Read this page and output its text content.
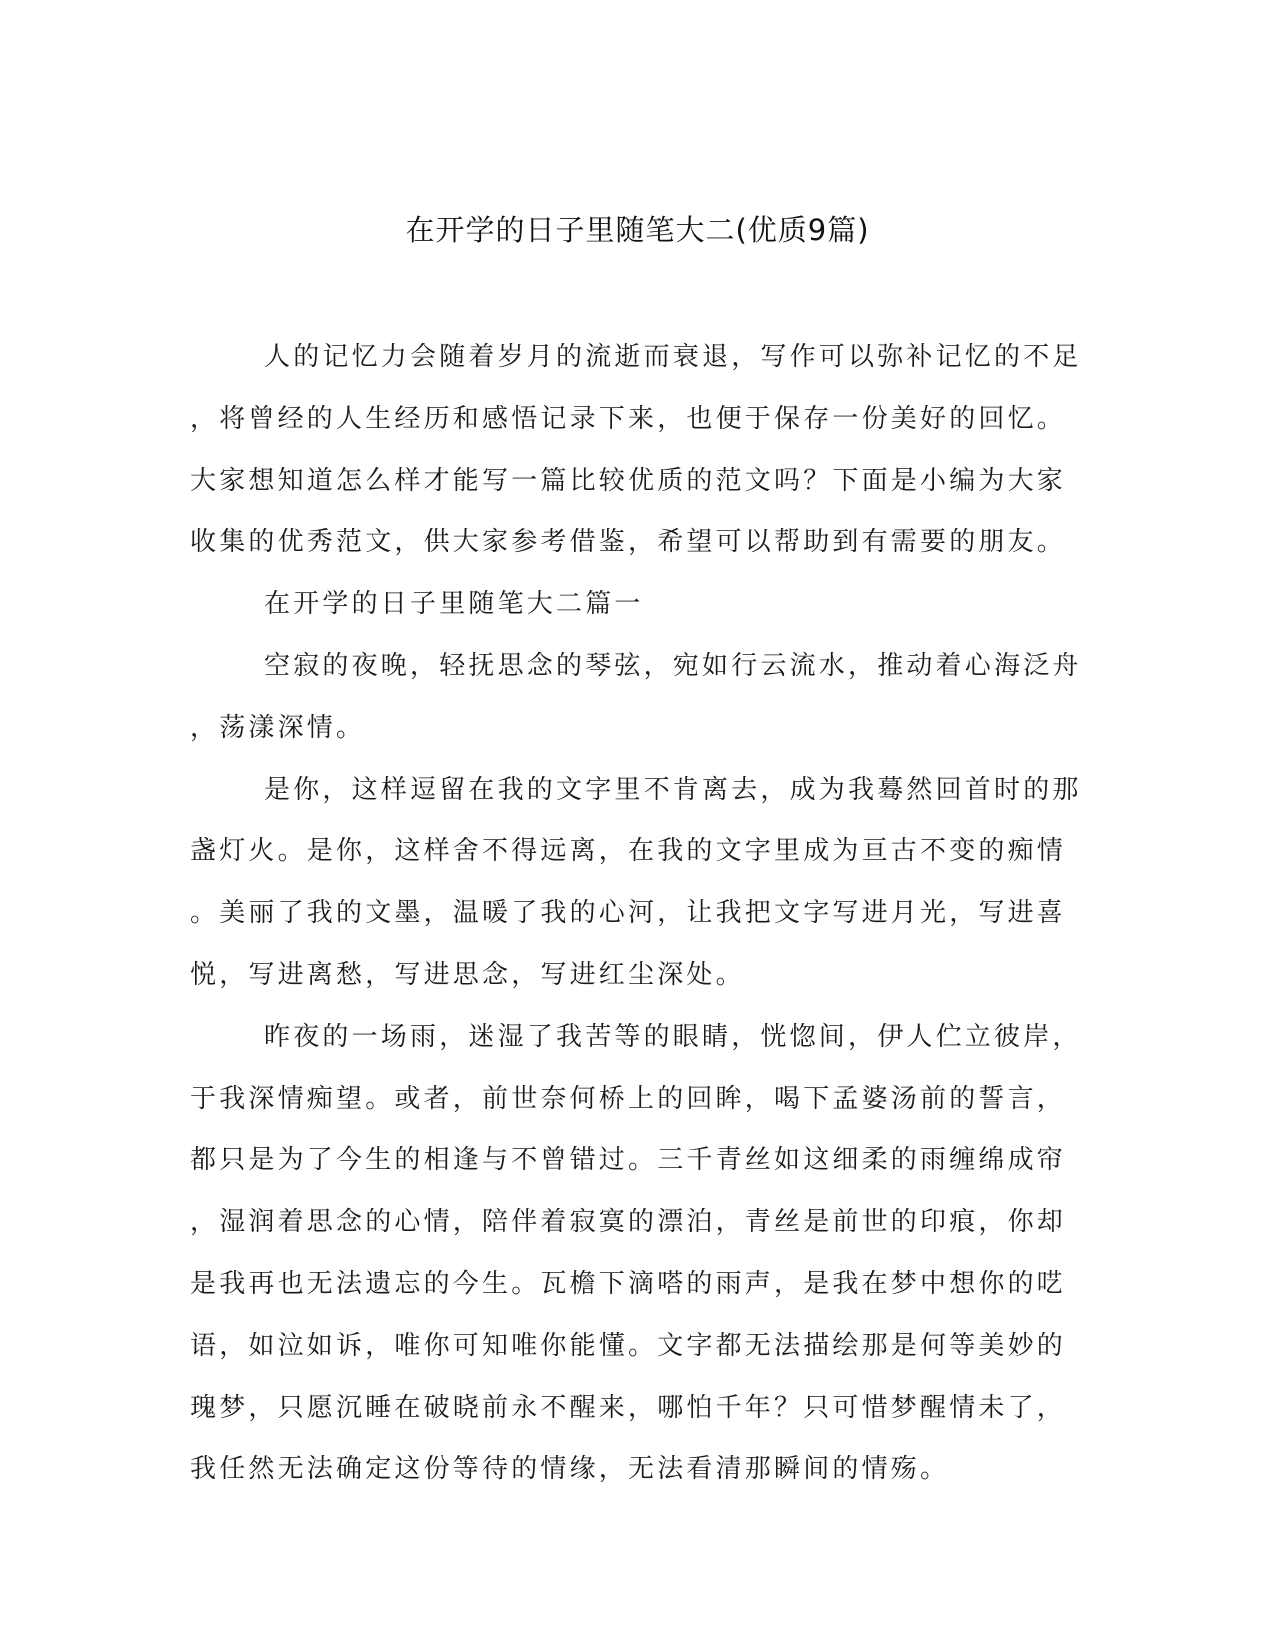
在开学的日子里随笔大二(优质9篇)
人的记忆力会随着岁月的流逝而衰退，写作可以弥补记忆的不足
，将曾经的人生经历和感悟记录下来，也便于保存一份美好的回忆。
大家想知道怎么样才能写一篇比较优质的范文吗？下面是小编为大家
收集的优秀范文，供大家参考借鉴，希望可以帮助到有需要的朋友。
在开学的日子里随笔大二篇一
空寂的夜晚，轻抚思念的琴弦，宛如行云流水，推动着心海泛舟
，荡漾深情。
是你，这样逗留在我的文字里不肯离去，成为我蓦然回首时的那
盏灯火。是你，这样舍不得远离，在我的文字里成为亘古不变的痴情
。美丽了我的文墨，温暖了我的心河，让我把文字写进月光，写进喜
悦，写进离愁，写进思念，写进红尘深处。
昨夜的一场雨，迷湿了我苦等的眼睛，恍惚间，伊人伫立彼岸，
于我深情痴望。或者，前世奈何桥上的回眸，喝下孟婆汤前的誓言，
都只是为了今生的相逢与不曾错过。三千青丝如这细柔的雨缠绵成帘
，湿润着思念的心情，陪伴着寂寞的漂泊，青丝是前世的印痕，你却
是我再也无法遗忘的今生。瓦檐下滴嗒的雨声，是我在梦中想你的呓
语，如泣如诉，唯你可知唯你能懂。文字都无法描绘那是何等美妙的
瑰梦，只愿沉睡在破晓前永不醒来，哪怕千年？只可惜梦醒情未了，
我任然无法确定这份等待的情缘，无法看清那瞬间的情殇。
